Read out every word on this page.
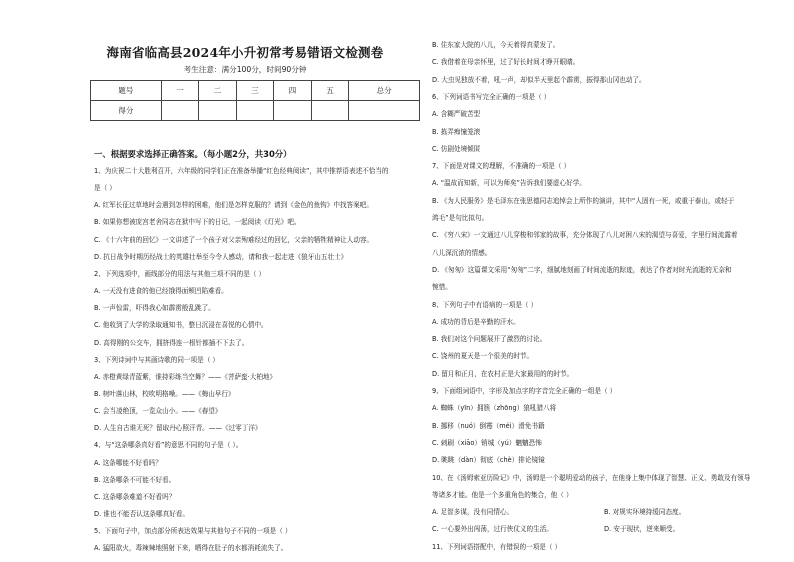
海南省临高县2024年小升初常考易错语文检测卷
考生注意：满分100分，时间90分钟
题号	一	二	三	四	五	总分
得分						
一、根据要求选择正确答案。（每小题2分，共30分）
1、为庆祝二十大胜利召开，六年级的同学们正在准备举播“红色经典阅读”，其中推荐语表述不恰当的
是（ ）
A. 红军长征过草地时会遇到怎样的困难，他们是怎样克服的？请到《金色的鱼钩》中找答案吧。
B. 如果你想被庞宫老舍同志在狱中写下的日记，一起阅读《灯光》吧。
C. 《十六年前的回忆》一文讲述了一个孩子对父亲殉难经过的回忆，父亲的牺牲精神让人动容。
D. 抗日战争时期历经战士的英雄壮举至今令人感动，请和我一起走进《狼牙山五壮士》
2、下列选项中，画线部分的用法与其他三项不同的是（ ）
A. 一天没有进食的他已经饿得面颊凹陷难看。
B. 一声惊雷，吓得我心如霹雳般乱跳了。
C. 他收到了大学的录取通知书，整日沉浸在喜悦的心情中。
D. 高得刚的公交车，拥挤得连一根针都插不下去了。
3、下列诗词中与其画诗歌的同一项是（ ）
A. 赤橙黄绿青蓝紫，谁持彩练当空舞？——《菩萨蛮·大柏地》
B. 树叶落山林，校吹明格噪。——《梅山早行》
C. 会当凌绝顶，一览众山小。——《春望》
D. 人生自古谁无死？留取丹心照汗青。——《过零丁洋》
4、与“这条哪条真好看”的意思不同的句子是（ ）。
A. 这条哪能不好看吗？
B. 这条哪条不可能不好看。
C. 这条哪条难道不好看吗？
D. 谁也不能否认这条哪真好看。
5、下面句子中，加点部分所表达效果与其他句子不同的一项是（ ）
A. 猛阳欲火，毒辣辣地照射下来，晒得在肚子的水都消耗流失了。
B. 住东家大院的八儿，今天着得真蒙发了。
C. 我借着在母亲怀里，过了好长时间才睁开眼睛。
D. 大虫见独放不着，吼一声，却似半天里起个霹雳，振得那山冈也动了。
6、下列词语书写完全正确的一项是（ ）
A. 含糊严破苦型
B. 拣弄痴憧笼滚
C. 仿剧处境倾匿
7、下面是对课文的理解，不准确的一项是（ ）
A. “温故而知新，可以为师矣”告诉我们要虚心好学。
B. 《为人民服务》是毛泽东在张思德同志追悼会上所作的演讲，其中“人固有一死，或重于泰山，或轻于
鸿毛”是句比拟句。
C. 《穷八宋》一文通过八儿穿梭和邻家的故事，充分体现了八儿对困八宋的渴望与喜爱，字里行间流露着
八儿深沉浓的情感。
D. 《匆匆》这篇课文采用“匆匆”二字，细腻地刻画了时间流逝的踪迹，表达了作者对时光流逝的无奈和
惋惜。
8、下列句子中有语病的一项是（ ）
A. 成功的背后是辛勤的汗水。
B. 我们对这个问题展开了激烈的讨论。
C. 饶州的夏天是一个很美的时节。
D. 留月和正月，在农村正是大家最用的的时节。
9、下面组词语中，字形及加点字的字音完全正确的一组是（ ）
A. 蜘蛛（yīn）拥簇（zhōng）狼吼猎八将
B. 挪移（nuó）倒霉（méi）滑免书籍
C. 刺刷（xiāo）销城（yú）魑魑恐怖
D. 眺眺（dàn）彻底（chè）排论镜镜
10、在《汤姆索亚历险记》中，汤姆是一个聪明爱动的孩子，在他身上集中体现了智慧、正义、勇敢及有领导
等诸多才能。他是一个多重角色的集合，他（ ）
11、下列词语搭配中，有错误的一项是（ ）
A. 足智多谋，没有同情心。	B. 对规实环境持缓同态度。
C. 一心要外出闯荡，过行侠仗义的生活。	D. 安于现状，逆来顺受。
